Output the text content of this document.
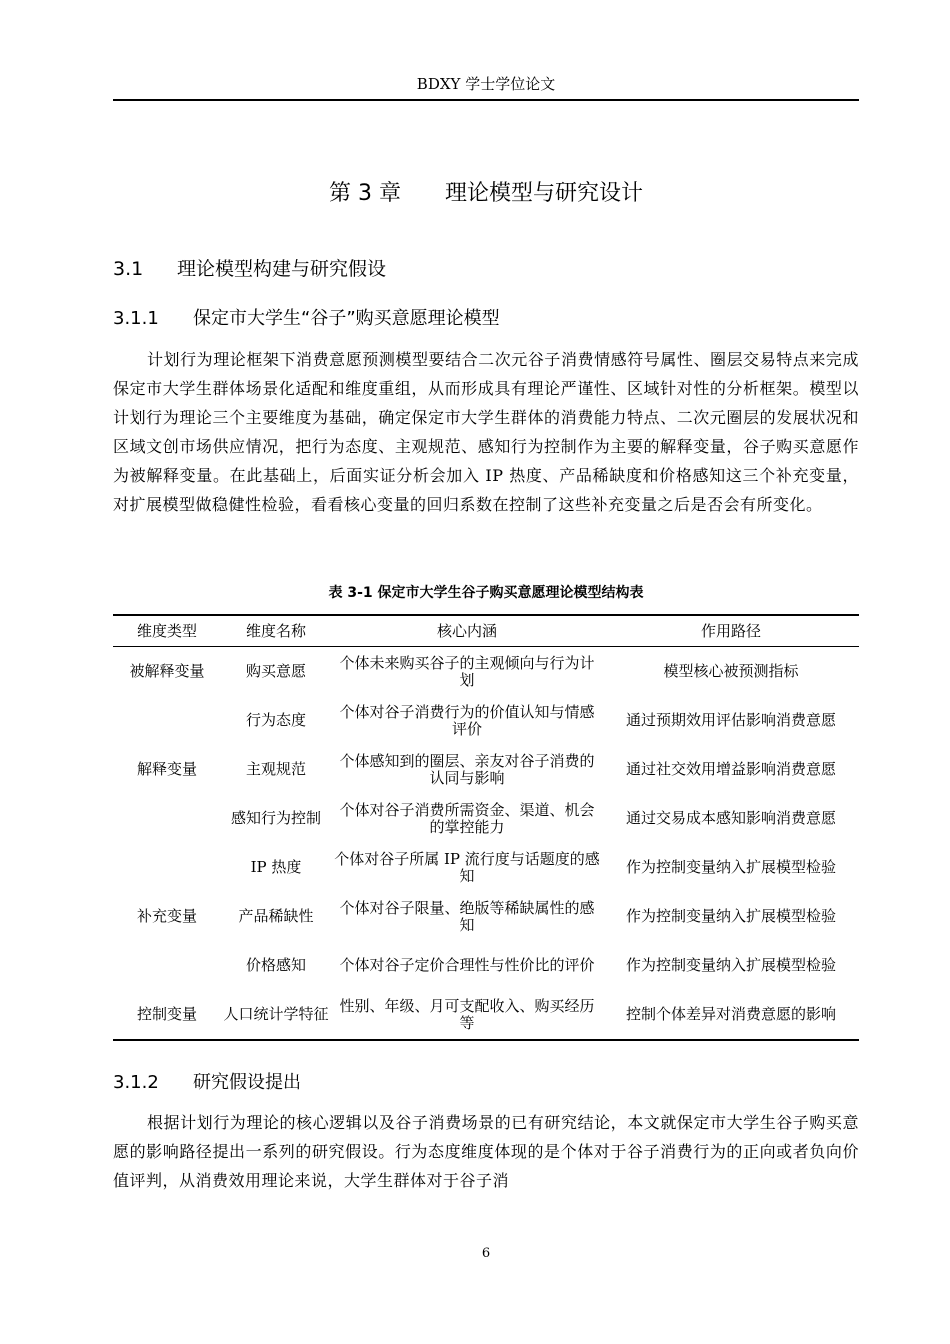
BDXY 学士学位论文
第 3 章　　理论模型与研究设计
3.1 理论模型构建与研究假设
3.1.1 保定市大学生“谷子”购买意愿理论模型
计划行为理论框架下消费意愿预测模型要结合二次元谷子消费情感符号属性、圈层交易特点来完成保定市大学生群体场景化适配和维度重组，从而形成具有理论严谨性、区域针对性的分析框架。模型以计划行为理论三个主要维度为基础，确定保定市大学生群体的消费能力特点、二次元圈层的发展状况和区域文创市场供应情况，把行为态度、主观规范、感知行为控制作为主要的解释变量，谷子购买意愿作为被解释变量。在此基础上，后面实证分析会加入 IP 热度、产品稀缺度和价格感知这三个补充变量，对扩展模型做稳健性检验，看看核心变量的回归系数在控制了这些补充变量之后是否会有所变化。
表 3-1 保定市大学生谷子购买意愿理论模型结构表
维度类型	维度名称	核心内涵	作用路径
被解释变量	购买意愿	个体未来购买谷子的主观倾向与行为计划	模型核心被预测指标
解释变量	行为态度	个体对谷子消费行为的价值认知与情感评价	通过预期效用评估影响消费意愿
	主观规范	个体感知到的圈层、亲友对谷子消费的认同与影响	通过社交效用增益影响消费意愿
	感知行为控制	个体对谷子消费所需资金、渠道、机会的掌控能力	通过交易成本感知影响消费意愿
补充变量	IP 热度	个体对谷子所属 IP 流行度与话题度的感知	作为控制变量纳入扩展模型检验
	产品稀缺性	个体对谷子限量、绝版等稀缺属性的感知	作为控制变量纳入扩展模型检验
	价格感知	个体对谷子定价合理性与性价比的评价	作为控制变量纳入扩展模型检验
控制变量	人口统计学特征	性别、年级、月可支配收入、购买经历等	控制个体差异对消费意愿的影响
3.1.2 研究假设提出
根据计划行为理论的核心逻辑以及谷子消费场景的已有研究结论，本文就保定市大学生谷子购买意愿的影响路径提出一系列的研究假设。行为态度维度体现的是个体对于谷子消费行为的正向或者负向价值评判，从消费效用理论来说，大学生群体对于谷子消
6
